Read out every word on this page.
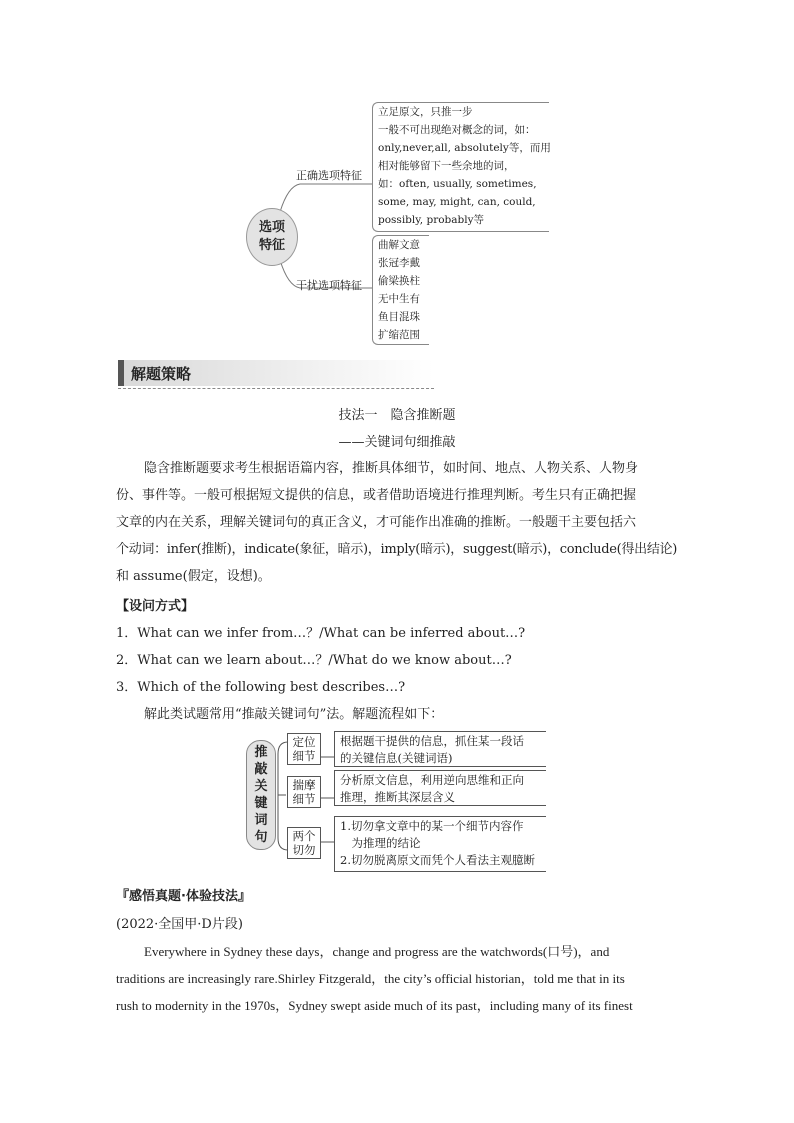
选项
特征
正确选项特征
干扰选项特征
立足原文，只推一步
一般不可出现绝对概念的词，如：
only,never,all, absolutely等，而用
相对能够留下一些余地的词，
如：often, usually, sometimes,
some, may, might, can, could,
possibly, probably等
曲解文意
张冠李戴
偷梁换柱
无中生有
鱼目混珠
扩缩范围
解题策略
技法一　隐含推断题
——关键词句细推敲
隐含推断题要求考生根据语篇内容，推断具体细节，如时间、地点、人物关系、人物身
份、事件等。一般可根据短文提供的信息，或者借助语境进行推理判断。考生只有正确把握
文章的内在关系，理解关键词句的真正含义，才可能作出准确的推断。一般题干主要包括六
个动词：infer(推断)，indicate(象征，暗示)，imply(暗示)，suggest(暗示)，conclude(得出结论)
和 assume(假定，设想)。
【设问方式】
1．What can we infer from…？/What can be inferred about…?
2．What can we learn about…？/What do we know about…?
3．Which of the following best describes…?
解此类试题常用“推敲关键词句”法。解题流程如下：
推
敲
关
键
词
句
定位
细节
根据题干提供的信息，抓住某一段话
的关键信息(关键词语)
揣摩
细节
分析原文信息，利用逆向思维和正向
推理，推断其深层含义
两个
切勿
1.切勿拿文章中的某一个细节内容作
　为推理的结论
2.切勿脱离原文而凭个人看法主观臆断
『感悟真题·体验技法』
(2022·全国甲·D片段)
Everywhere in Sydney these days，change and progress are the watchwords(口号)，and
traditions are increasingly rare.Shirley Fitzgerald，the city’s official historian，told me that in its
rush to modernity in the 1970s，Sydney swept aside much of its past，including many of its finest
